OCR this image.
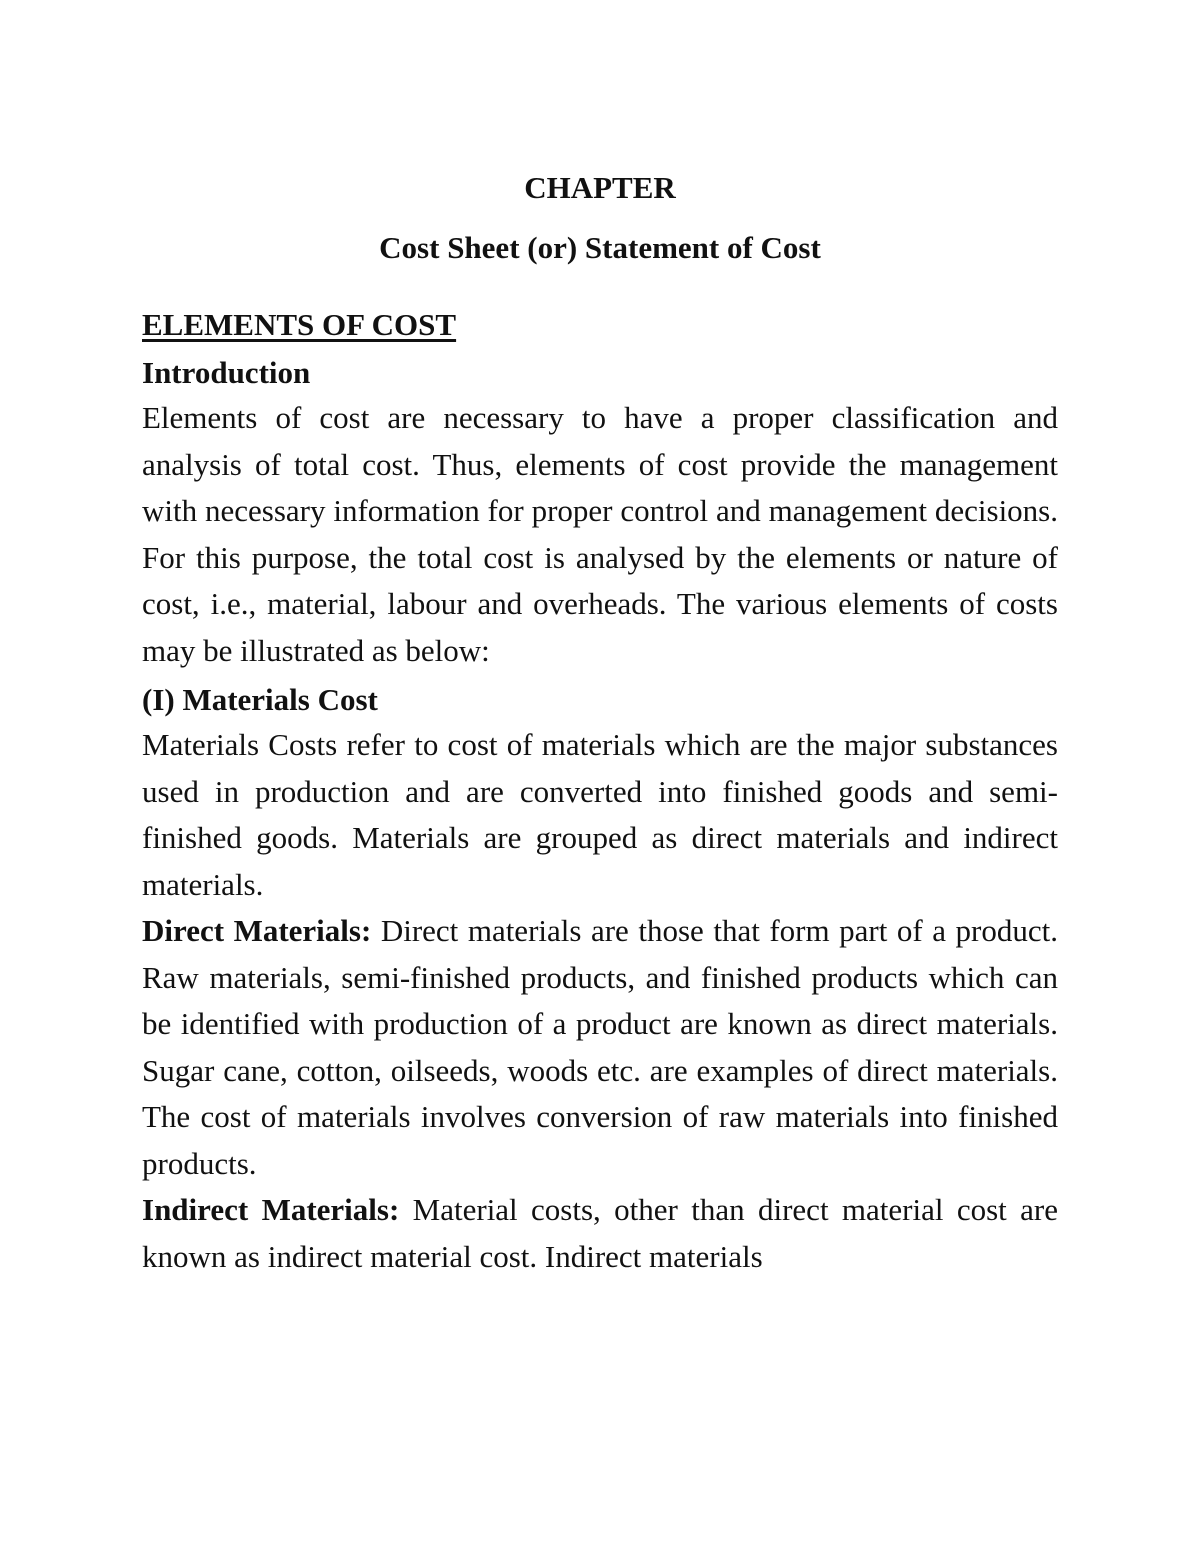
CHAPTER

Cost Sheet (or) Statement of Cost

ELEMENTS OF COST

Introduction

Elements of cost are necessary to have a proper classification and analysis of total cost. Thus, elements of cost provide the management with necessary information for proper control and management decisions. For this purpose, the total cost is analysed by the elements or nature of cost, i.e., material, labour and overheads. The various elements of costs may be illustrated as below:

(I) Materials Cost

Materials Costs refer to cost of materials which are the major substances used in production and are converted into finished goods and semi-finished goods. Materials are grouped as direct materials and indirect materials.

Direct Materials: Direct materials are those that form part of a product. Raw materials, semi-finished products, and finished products which can be identified with production of a product are known as direct materials. Sugar cane, cotton, oilseeds, woods etc. are examples of direct materials. The cost of materials involves conversion of raw materials into finished products.

Indirect Materials: Material costs, other than direct material cost are known as indirect material cost. Indirect materials
